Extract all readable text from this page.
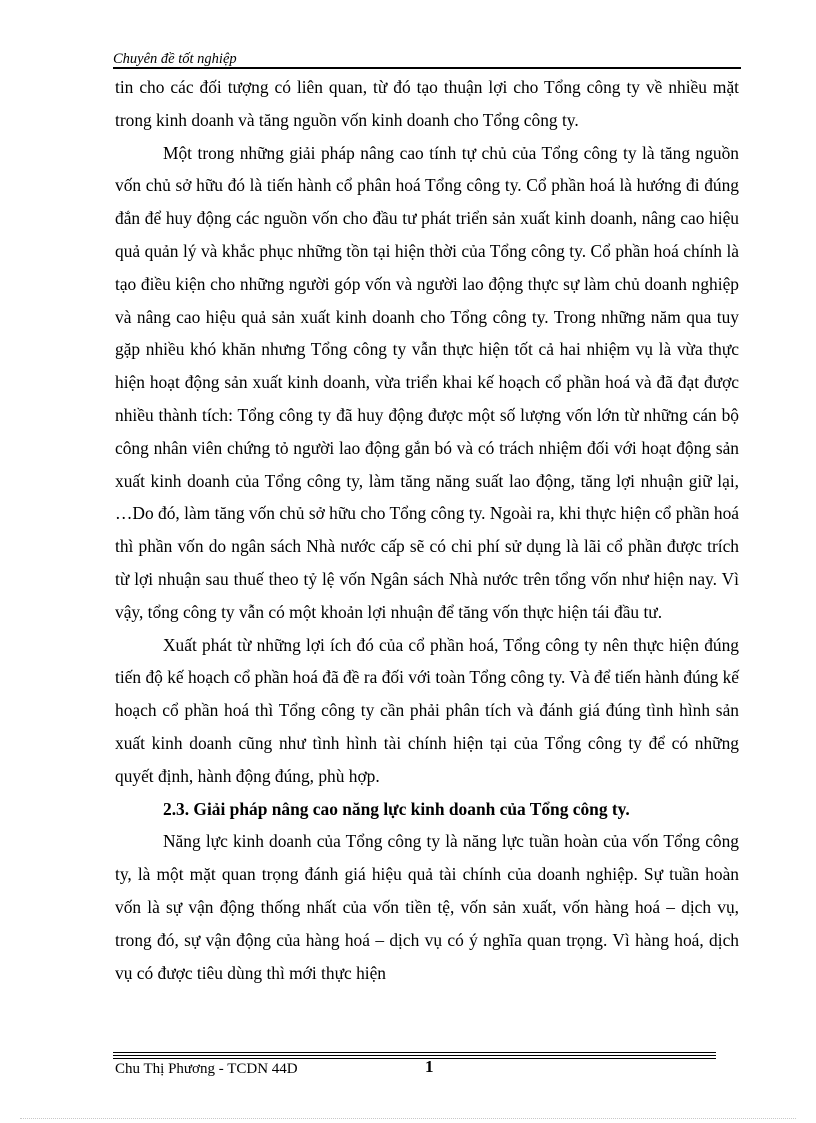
Chuyên đề tốt nghiệp

tin cho các đối tượng có liên quan, từ đó tạo thuận lợi cho Tổng công ty về nhiều mặt trong kinh doanh và tăng nguồn vốn kinh doanh cho Tổng công ty.

Một trong những giải pháp nâng cao tính tự chủ của Tổng công ty là tăng nguồn vốn chủ sở hữu đó là tiến hành cổ phân hoá Tổng công ty. Cổ phần hoá là hướng đi đúng đắn để huy động các nguồn vốn cho đầu tư phát triển sản xuất kinh doanh, nâng cao hiệu quả quản lý và khắc phục những tồn tại hiện thời của Tổng công ty. Cổ phần hoá chính là tạo điều kiện cho những người góp vốn và người lao động thực sự làm chủ doanh nghiệp và nâng cao hiệu quả sản xuất kinh doanh cho Tổng công ty. Trong những năm qua tuy gặp nhiều khó khăn nhưng Tổng công ty vẫn thực hiện tốt cả hai nhiệm vụ là vừa thực hiện hoạt động sản xuất kinh doanh, vừa triển khai kế hoạch cổ phần hoá và đã đạt được nhiều thành tích: Tổng công ty đã huy động được một số lượng vốn lớn từ những cán bộ công nhân viên chứng tỏ người lao động gắn bó và có trách nhiệm đối với hoạt động sản xuất kinh doanh của Tổng công ty, làm tăng năng suất lao động, tăng lợi nhuận giữ lại, …Do đó, làm tăng vốn chủ sở hữu cho Tổng công ty. Ngoài ra, khi thực hiện cổ phần hoá thì phần vốn do ngân sách Nhà nước cấp sẽ có chi phí sử dụng là lãi cổ phần được trích từ lợi nhuận sau thuế theo tỷ lệ vốn Ngân sách Nhà nước trên tổng vốn như hiện nay. Vì vậy, tổng công ty vẫn có một khoản lợi nhuận để tăng vốn thực hiện tái đầu tư.

Xuất phát từ những lợi ích đó của cổ phần hoá, Tổng công ty nên thực hiện đúng tiến độ kế hoạch cổ phần hoá đã đề ra đối với toàn Tổng công ty. Và để tiến hành đúng kế hoạch cổ phần hoá thì Tổng công ty cần phải phân tích và đánh giá đúng tình hình sản xuất kinh doanh cũng như tình hình tài chính hiện tại của Tổng công ty để có những quyết định, hành động đúng, phù hợp.

2.3. Giải pháp nâng cao năng lực kinh doanh của Tổng công ty.

Năng lực kinh doanh của Tổng công ty là năng lực tuần hoàn của vốn Tổng công ty, là một mặt quan trọng đánh giá hiệu quả tài chính của doanh nghiệp. Sự tuần hoàn vốn là sự vận động thống nhất của vốn tiền tệ, vốn sản xuất, vốn hàng hoá – dịch vụ, trong đó, sự vận động của hàng hoá – dịch vụ có ý nghĩa quan trọng. Vì hàng hoá, dịch vụ có được tiêu dùng thì mới thực hiện

Chu Thị Phương - TCDN 44D	1
